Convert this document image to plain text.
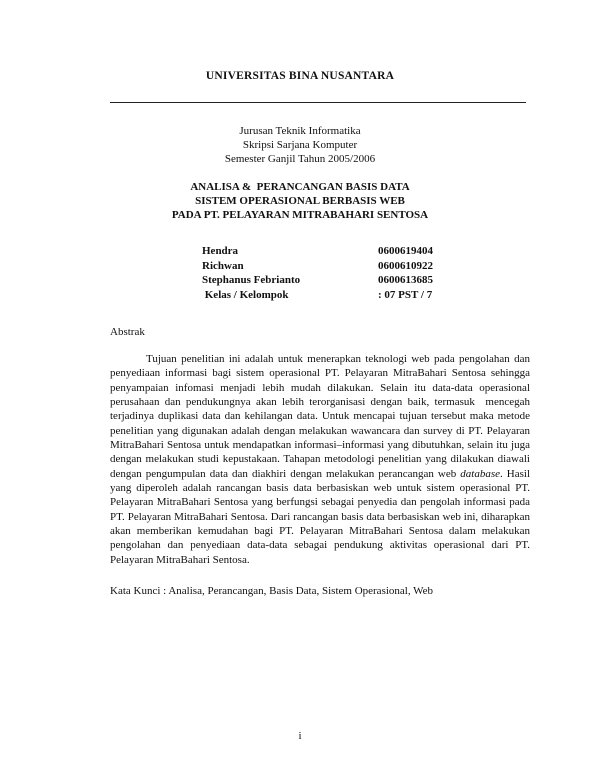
UNIVERSITAS BINA NUSANTARA
Jurusan Teknik Informatika
Skripsi Sarjana Komputer
Semester Ganjil Tahun 2005/2006
ANALISA &  PERANCANGAN BASIS DATA
SISTEM OPERASIONAL BERBASIS WEB
PADA PT. PELAYARAN MITRABAHARI SENTOSA
Hendra	0600619404
Richwan	0600610922
Stephanus Febrianto	0600613685
Kelas / Kelompok	: 07 PST / 7
Abstrak

Tujuan penelitian ini adalah untuk menerapkan teknologi web pada pengolahan dan penyediaan informasi bagi sistem operasional PT. Pelayaran MitraBahari Sentosa sehingga penyampaian infomasi menjadi lebih mudah dilakukan. Selain itu data-data operasional perusahaan dan pendukungnya akan lebih terorganisasi dengan baik, termasuk  mencegah terjadinya duplikasi data dan kehilangan data. Untuk mencapai tujuan tersebut maka metode penelitian yang digunakan adalah dengan melakukan wawancara dan survey di PT. Pelayaran MitraBahari Sentosa untuk mendapatkan informasi–informasi yang dibutuhkan, selain itu juga dengan melakukan studi kepustakaan. Tahapan metodologi penelitian yang dilakukan diawali dengan pengumpulan data dan diakhiri dengan melakukan perancangan web database. Hasil yang diperoleh adalah rancangan basis data berbasiskan web untuk sistem operasional PT. Pelayaran MitraBahari Sentosa yang berfungsi sebagai penyedia dan pengolah informasi pada PT. Pelayaran MitraBahari Sentosa. Dari rancangan basis data berbasiskan web ini, diharapkan akan memberikan kemudahan bagi PT. Pelayaran MitraBahari Sentosa dalam melakukan pengolahan dan penyediaan data-data sebagai pendukung aktivitas operasional dari PT. Pelayaran MitraBahari Sentosa.

Kata Kunci : Analisa, Perancangan, Basis Data, Sistem Operasional, Web
i
